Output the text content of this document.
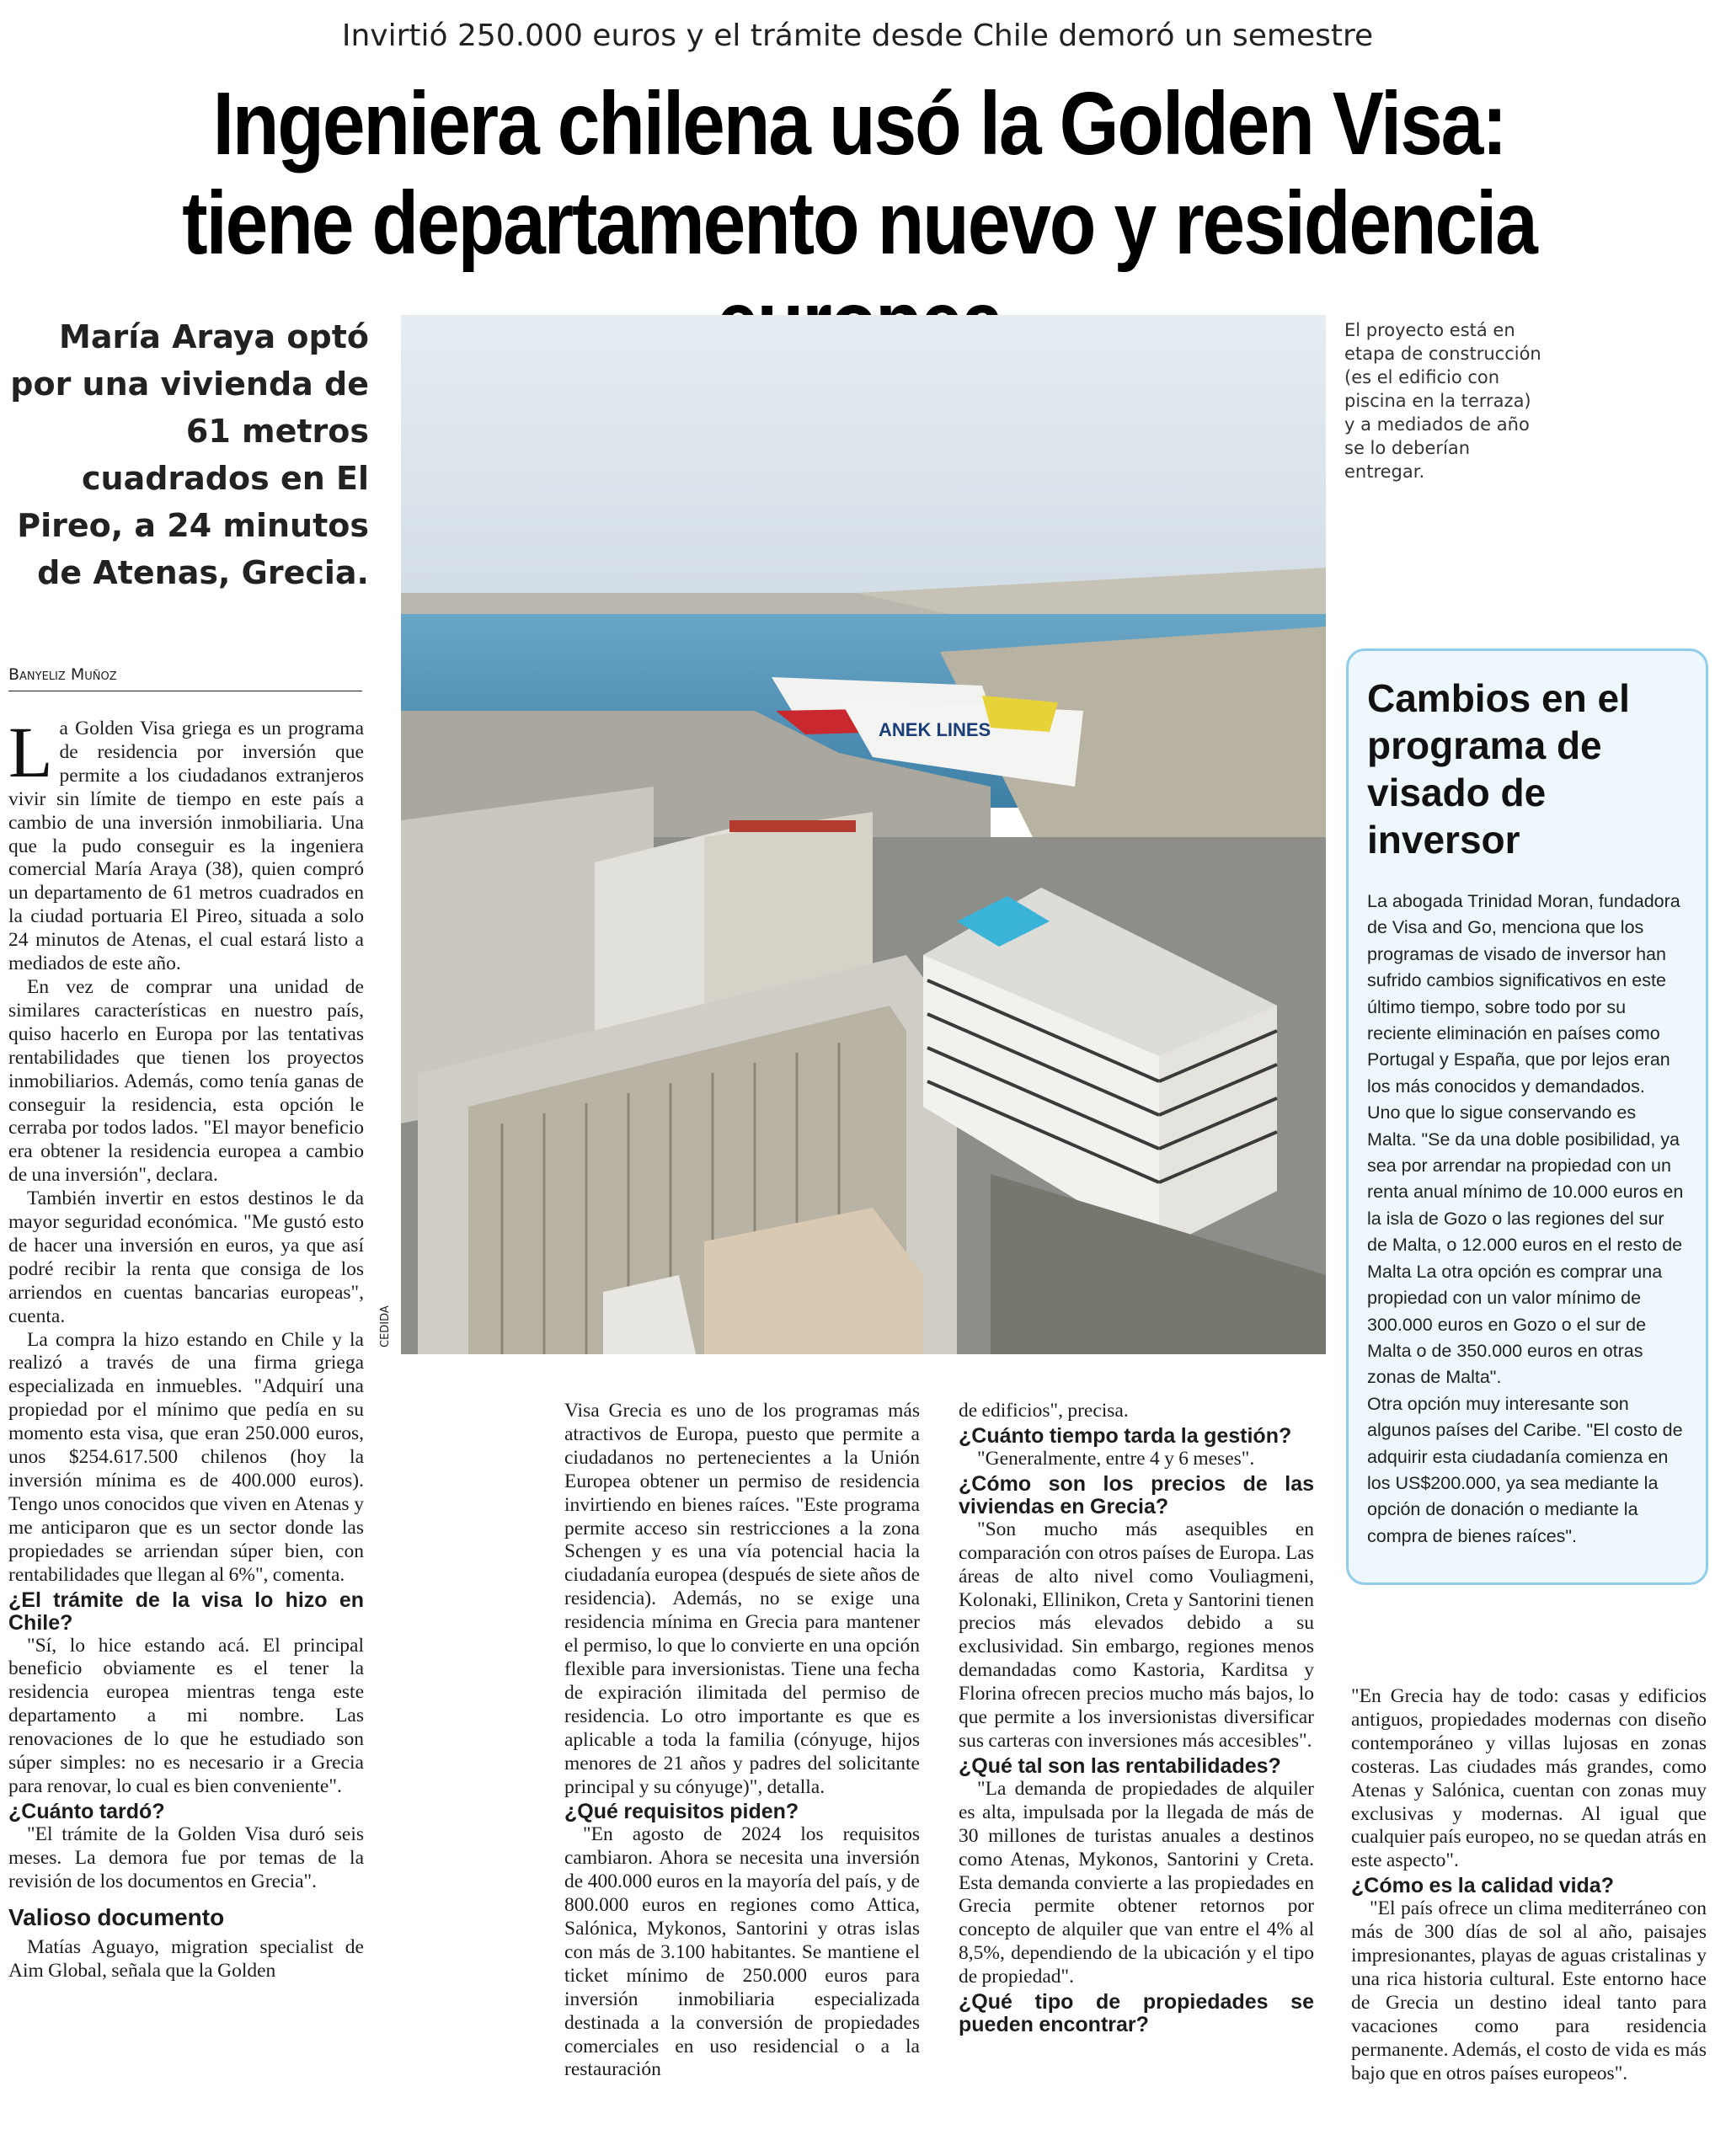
Invirtió 250.000 euros y el trámite desde Chile demoró un semestre
Ingeniera chilena usó la Golden Visa: tiene departamento nuevo y residencia
María Araya optó por una vivienda de 61 metros cuadrados en El Pireo, a 24 minutos de Atenas, Grecia.
El proyecto está en etapa de construcción (es el edificio con piscina en la terraza) y a mediados de año se lo deberían entregar.
ANEK LINES
CEDIDA
Banyeliz Muñoz
L a Golden Visa griega es un programa de residencia por inversión que permite a los ciudadanos extranjeros vivir sin límite de tiempo en este país a cambio de una inversión inmobiliaria. Una que la pudo conseguir es la ingeniera comercial María Araya (38), quien compró un departamento de 61 metros cuadrados en la ciudad portuaria El Pireo, situada a solo 24 minutos de Atenas, el cual estará listo a mediados de este año.

En vez de comprar una unidad de similares características en nuestro país, quiso hacerlo en Europa por las tentativas rentabilidades que tienen los proyectos inmobiliarios. Además, como tenía ganas de conseguir la residencia, esta opción le cerraba por todos lados. "El mayor beneficio era obtener la residencia europea a cambio de una inversión", declara.

También invertir en estos destinos le da mayor seguridad económica. "Me gustó esto de hacer una inversión en euros, ya que así podré recibir la renta que consiga de los arriendos en cuentas bancarias europeas", cuenta.

La compra la hizo estando en Chile y la realizó a través de una firma griega especializada en inmuebles. "Adquirí una propiedad por el mínimo que pedía en su momento esta visa, que eran 250.000 euros, unos $254.617.500 chilenos (hoy la inversión mínima es de 400.000 euros). Tengo unos conocidos que viven en Atenas y me anticiparon que es un sector donde las propiedades se arriendan súper bien, con rentabilidades que llegan al 6%", comenta.

¿El trámite de la visa lo hizo en Chile?

"Sí, lo hice estando acá. El principal beneficio obviamente es el tener la residencia europea mientras tenga este departamento a mi nombre. Las renovaciones de lo que he estudiado son súper simples: no es necesario ir a Grecia para renovar, lo cual es bien conveniente".

¿Cuánto tardó?

"El trámite de la Golden Visa duró seis meses. La demora fue por temas de la revisión de los documentos en Grecia".

Valioso documento

Matías Aguayo, migration specialist de Aim Global, señala que la Golden

Visa Grecia es uno de los programas más atractivos de Europa, puesto que permite a ciudadanos no pertenecientes a la Unión Europea obtener un permiso de residencia invirtiendo en bienes raíces. "Este programa permite acceso sin restricciones a la zona Schengen y es una vía potencial hacia la ciudadanía europea (después de siete años de residencia). Además, no se exige una residencia mínima en Grecia para mantener el permiso, lo que lo convierte en una opción flexible para inversionistas. Tiene una fecha de expiración ilimitada del permiso de residencia. Lo otro importante es que es aplicable a toda la familia (cónyuge, hijos menores de 21 años y padres del solicitante principal y su cónyuge)", detalla.

¿Qué requisitos piden?

"En agosto de 2024 los requisitos cambiaron. Ahora se necesita una inversión de 400.000 euros en la mayoría del país, y de 800.000 euros en regiones como Attica, Salónica, Mykonos, Santorini y otras islas con más de 3.100 habitantes. Se mantiene el ticket mínimo de 250.000 euros para inversión inmobiliaria especializada destinada a la conversión de propiedades comerciales en uso residencial o a la restauración

de edificios", precisa.

¿Cuánto tiempo tarda la gestión?

"Generalmente, entre 4 y 6 meses".

¿Cómo son los precios de las viviendas en Grecia?

"Son mucho más asequibles en comparación con otros países de Europa. Las áreas de alto nivel como Vouliagmeni, Kolonaki, Ellinikon, Creta y Santorini tienen precios más elevados debido a su exclusividad. Sin embargo, regiones menos demandadas como Kastoria, Karditsa y Florina ofrecen precios mucho más bajos, lo que permite a los inversionistas diversificar sus carteras con inversiones más accesibles".

¿Qué tal son las rentabilidades?

"La demanda de propiedades de alquiler es alta, impulsada por la llegada de más de 30 millones de turistas anuales a destinos como Atenas, Mykonos, Santorini y Creta. Esta demanda convierte a las propiedades en Grecia permite obtener retornos por concepto de alquiler que van entre el 4% al 8,5%, dependiendo de la ubicación y el tipo de propiedad".

¿Qué tipo de propiedades se pueden encontrar?

"En Grecia hay de todo: casas y edificios antiguos, propiedades modernas con diseño contemporáneo y villas lujosas en zonas costeras. Las ciudades más grandes, como Atenas y Salónica, cuentan con zonas muy exclusivas y modernas. Al igual que cualquier país europeo, no se quedan atrás en este aspecto".

¿Cómo es la calidad vida?

"El país ofrece un clima mediterráneo con más de 300 días de sol al año, paisajes impresionantes, playas de aguas cristalinas y una rica historia cultural. Este entorno hace de Grecia un destino ideal tanto para vacaciones como para residencia permanente. Además, el costo de vida es más bajo que en otros países europeos".

Cambios en el programa de visado de inversor

La abogada Trinidad Moran, fundadora de Visa and Go, menciona que los programas de visado de inversor han sufrido cambios significativos en este último tiempo, sobre todo por su reciente eliminación en países como Portugal y España, que por lejos eran los más conocidos y demandados.

Uno que lo sigue conservando es Malta. "Se da una doble posibilidad, ya sea por arrendar na propiedad con un renta anual mínimo de 10.000 euros en la isla de Gozo o las regiones del sur de Malta, o 12.000 euros en el resto de Malta La otra opción es comprar una propiedad con un valor mínimo de 300.000 euros en Gozo o el sur de Malta o de 350.000 euros en otras zonas de Malta".

Otra opción muy interesante son algunos países del Caribe. "El costo de adquirir esta ciudadanía comienza en los US$200.000, ya sea mediante la opción de donación o mediante la compra de bienes raíces".
